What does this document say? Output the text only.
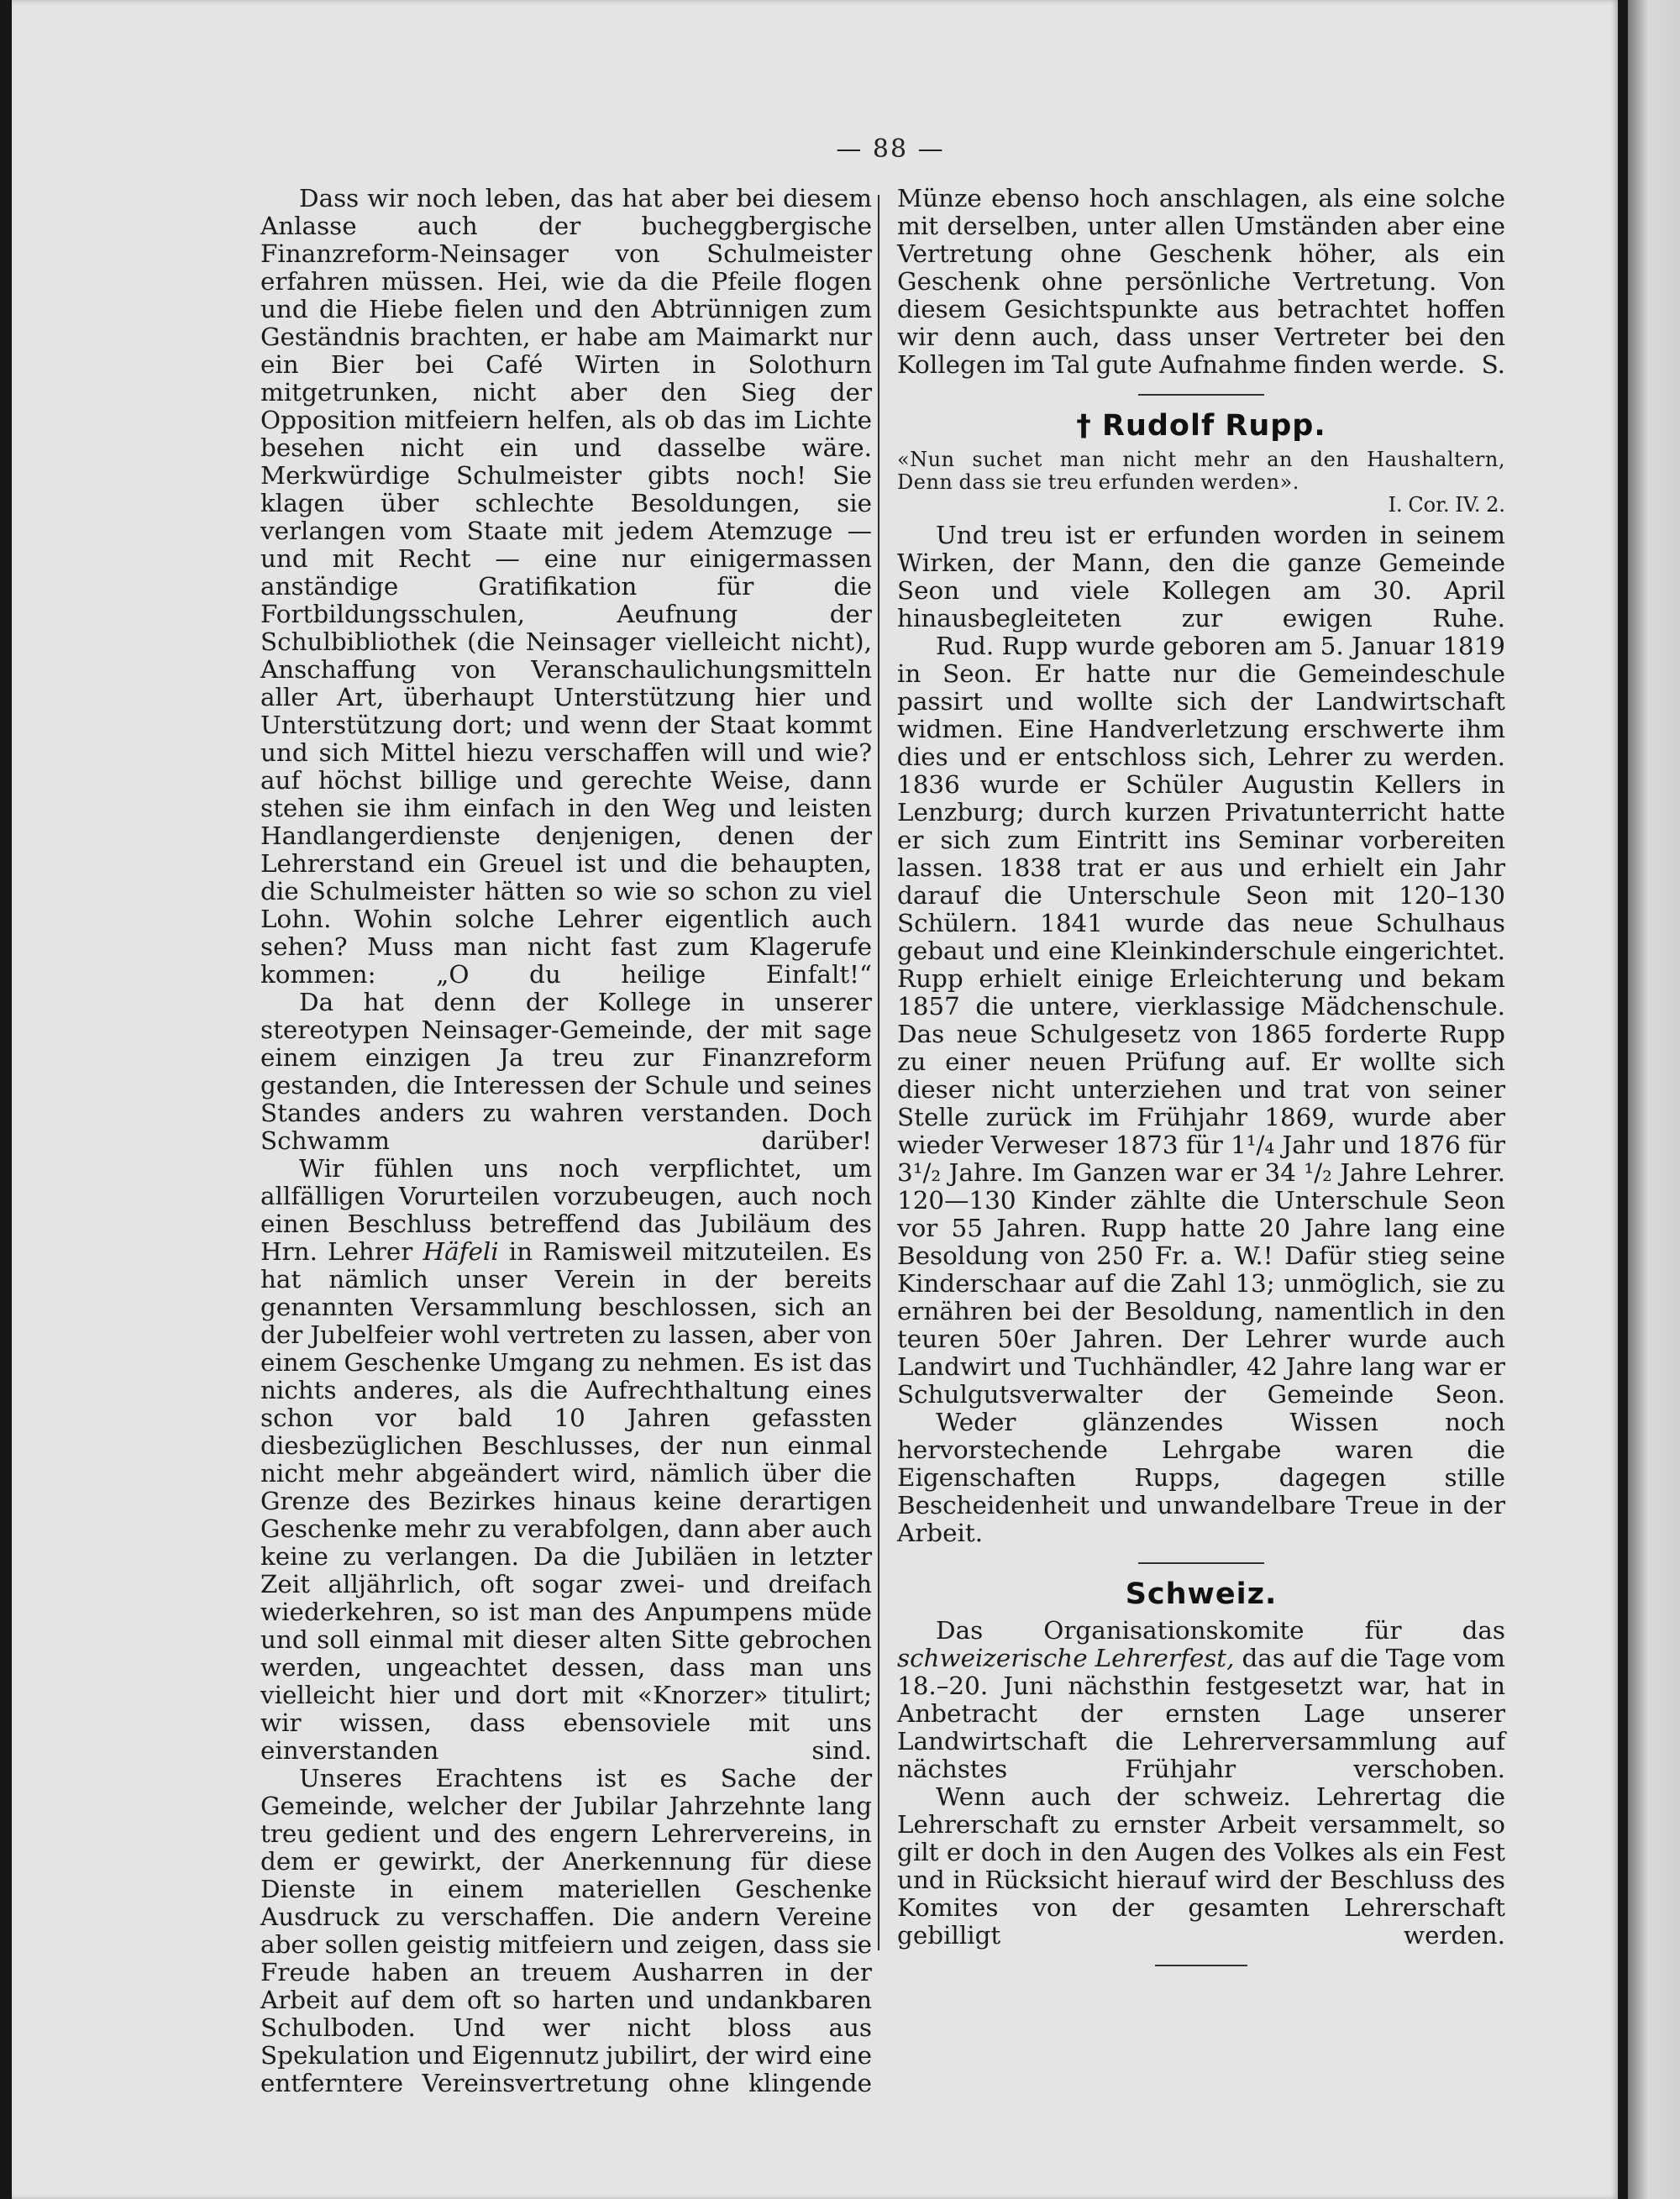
— 88 —

Dass wir noch leben, das hat aber bei diesem Anlasse auch der bucheggbergische Finanzreform-Neinsager von Schulmeister erfahren müssen. Hei, wie da die Pfeile flogen und die Hiebe fielen und den Abtrünnigen zum Geständnis brachten, er habe am Maimarkt nur ein Bier bei Café Wirten in Solothurn mitgetrunken, nicht aber den Sieg der Opposition mitfeiern helfen, als ob das im Lichte besehen nicht ein und dasselbe wäre. Merkwürdige Schulmeister gibts noch! Sie klagen über schlechte Besoldungen, sie verlangen vom Staate mit jedem Atemzuge — und mit Recht — eine nur einigermassen anständige Gratifikation für die Fortbildungsschulen, Aeufnung der Schulbibliothek (die Neinsager vielleicht nicht), Anschaffung von Veranschaulichungsmitteln aller Art, überhaupt Unterstützung hier und Unterstützung dort; und wenn der Staat kommt und sich Mittel hiezu verschaffen will und wie? auf höchst billige und gerechte Weise, dann stehen sie ihm einfach in den Weg und leisten Handlangerdienste denjenigen, denen der Lehrerstand ein Greuel ist und die behaupten, die Schulmeister hätten so wie so schon zu viel Lohn. Wohin solche Lehrer eigentlich auch sehen? Muss man nicht fast zum Klagerufe kommen: „O du heilige Einfalt!“

Da hat denn der Kollege in unserer stereotypen Neinsager-Gemeinde, der mit sage einem einzigen Ja treu zur Finanzreform gestanden, die Interessen der Schule und seines Standes anders zu wahren verstanden. Doch Schwamm darüber!

Wir fühlen uns noch verpflichtet, um allfälligen Vorurteilen vorzubeugen, auch noch einen Beschluss betreffend das Jubiläum des Hrn. Lehrer Häfeli in Ramisweil mitzuteilen. Es hat nämlich unser Verein in der bereits genannten Versammlung beschlossen, sich an der Jubelfeier wohl vertreten zu lassen, aber von einem Geschenke Umgang zu nehmen. Es ist das nichts anderes, als die Aufrechthaltung eines schon vor bald 10 Jahren gefassten diesbezüglichen Beschlusses, der nun einmal nicht mehr abgeändert wird, nämlich über die Grenze des Bezirkes hinaus keine derartigen Geschenke mehr zu verabfolgen, dann aber auch keine zu verlangen. Da die Jubiläen in letzter Zeit alljährlich, oft sogar zwei- und dreifach wiederkehren, so ist man des Anpumpens müde und soll einmal mit dieser alten Sitte gebrochen werden, ungeachtet dessen, dass man uns vielleicht hier und dort mit «Knorzer» titulirt; wir wissen, dass ebensoviele mit uns einverstanden sind.

Unseres Erachtens ist es Sache der Gemeinde, welcher der Jubilar Jahrzehnte lang treu gedient und des engern Lehrervereins, in dem er gewirkt, der Anerkennung für diese Dienste in einem materiellen Geschenke Ausdruck zu verschaffen. Die andern Vereine aber sollen geistig mitfeiern und zeigen, dass sie Freude haben an treuem Ausharren in der Arbeit auf dem oft so harten und undankbaren Schulboden. Und wer nicht bloss aus Spekulation und Eigennutz jubilirt, der wird eine entferntere Vereinsvertretung ohne klingende

Münze ebenso hoch anschlagen, als eine solche mit derselben, unter allen Umständen aber eine Vertretung ohne Geschenk höher, als ein Geschenk ohne persönliche Vertretung. Von diesem Gesichtspunkte aus betrachtet hoffen wir denn auch, dass unser Vertreter bei den Kollegen im Tal gute Aufnahme finden werde. S.

† Rudolf Rupp.

«Nun suchet man nicht mehr an den Haushaltern,

Denn dass sie treu erfunden werden».

I. Cor. IV. 2.

Und treu ist er erfunden worden in seinem Wirken, der Mann, den die ganze Gemeinde Seon und viele Kollegen am 30. April hinausbegleiteten zur ewigen Ruhe.

Rud. Rupp wurde geboren am 5. Januar 1819 in Seon. Er hatte nur die Gemeindeschule passirt und wollte sich der Landwirtschaft widmen. Eine Handverletzung erschwerte ihm dies und er entschloss sich, Lehrer zu werden. 1836 wurde er Schüler Augustin Kellers in Lenzburg; durch kurzen Privatunterricht hatte er sich zum Eintritt ins Seminar vorbereiten lassen. 1838 trat er aus und erhielt ein Jahr darauf die Unterschule Seon mit 120–130 Schülern. 1841 wurde das neue Schulhaus gebaut und eine Kleinkinderschule eingerichtet. Rupp erhielt einige Erleichterung und bekam 1857 die untere, vierklassige Mädchenschule. Das neue Schulgesetz von 1865 forderte Rupp zu einer neuen Prüfung auf. Er wollte sich dieser nicht unterziehen und trat von seiner Stelle zurück im Frühjahr 1869, wurde aber wieder Verweser 1873 für 1¹/₄ Jahr und 1876 für 3¹/₂ Jahre. Im Ganzen war er 34 ¹/₂ Jahre Lehrer. 120—130 Kinder zählte die Unterschule Seon vor 55 Jahren. Rupp hatte 20 Jahre lang eine Besoldung von 250 Fr. a. W.! Dafür stieg seine Kinderschaar auf die Zahl 13; unmöglich, sie zu ernähren bei der Besoldung, namentlich in den teuren 50er Jahren. Der Lehrer wurde auch Landwirt und Tuchhändler, 42 Jahre lang war er Schulgutsverwalter der Gemeinde Seon.

Weder glänzendes Wissen noch hervorstechende Lehrgabe waren die Eigenschaften Rupps, dagegen stille Bescheidenheit und unwandelbare Treue in der Arbeit.

Schweiz.

Das Organisationskomite für das schweizerische Lehrerfest, das auf die Tage vom 18.–20. Juni nächsthin festgesetzt war, hat in Anbetracht der ernsten Lage unserer Landwirtschaft die Lehrerversammlung auf nächstes Frühjahr verschoben.

Wenn auch der schweiz. Lehrertag die Lehrerschaft zu ernster Arbeit versammelt, so gilt er doch in den Augen des Volkes als ein Fest und in Rücksicht hierauf wird der Beschluss des Komites von der gesamten Lehrerschaft gebilligt werden.
